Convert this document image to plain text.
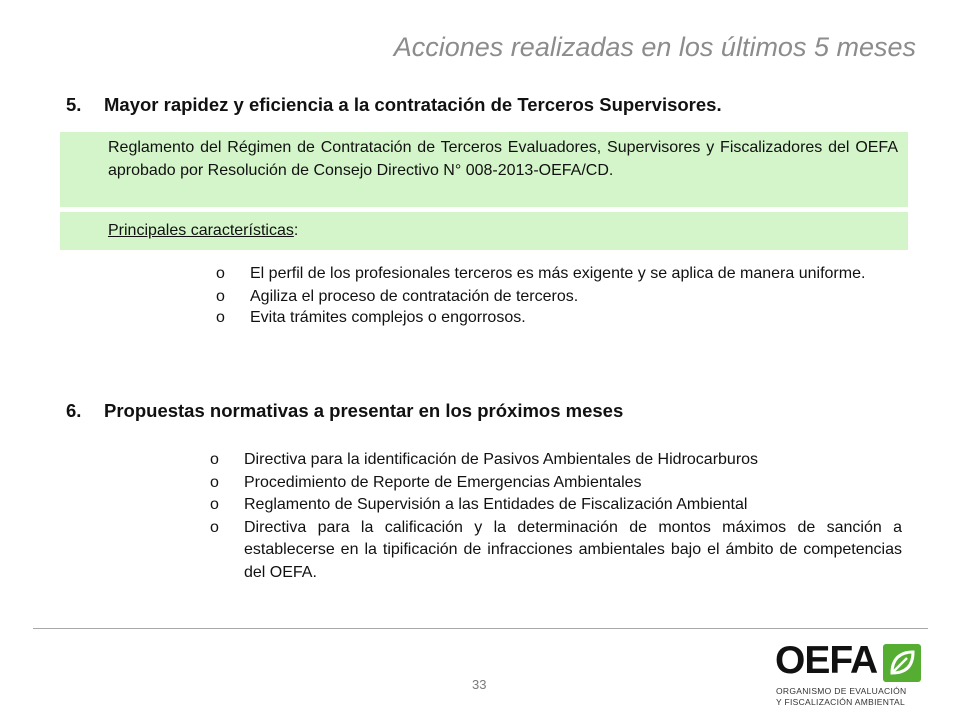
Acciones realizadas en los últimos 5 meses
5. Mayor rapidez y eficiencia a la contratación de Terceros Supervisores.

Reglamento del Régimen de Contratación de Terceros Evaluadores, Supervisores y Fiscalizadores del OEFA aprobado por Resolución de Consejo Directivo N° 008-2013-OEFA/CD.

Principales características:

o El perfil de los profesionales terceros es más exigente y se aplica de manera uniforme.
o Agiliza el proceso de contratación de terceros.
o Evita trámites complejos o engorrosos.
6. Propuestas normativas a presentar en los próximos meses
o Directiva para la identificación de Pasivos Ambientales de Hidrocarburos
o Procedimiento de Reporte de Emergencias Ambientales
o Reglamento de Supervisión a las Entidades de Fiscalización Ambiental
o Directiva para la calificación y la determinación de montos máximos de sanción a establecerse en la tipificación de infracciones ambientales bajo el ámbito de competencias del OEFA.
33
OEFA
ORGANISMO DE EVALUACIÓN
Y FISCALIZACIÓN AMBIENTAL
